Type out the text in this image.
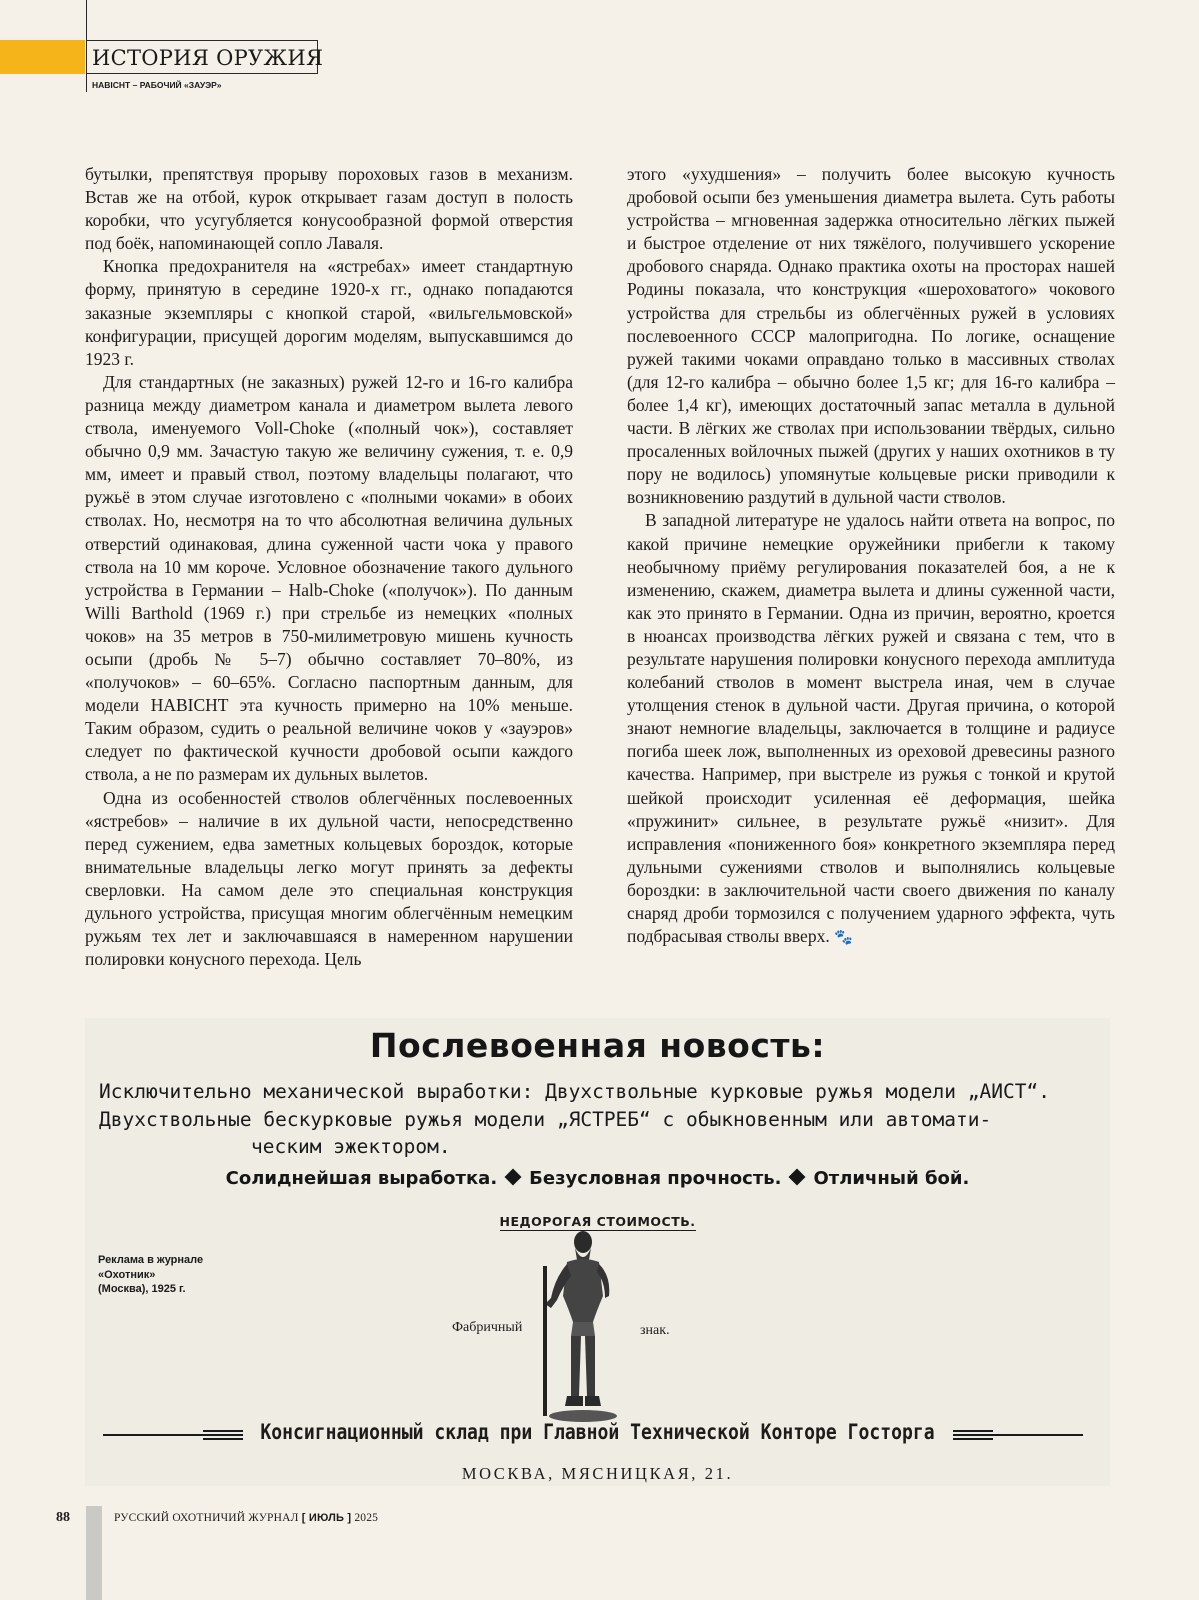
ИСТОРИЯ ОРУЖИЯ
HABICHT – РАБОЧИЙ «ЗАУЭР»

бутылки, препятствуя прорыву пороховых газов в механизм. Встав же на отбой, курок открывает газам доступ в полость коробки, что усугубляется конусообразной формой отверстия под боёк, напоминающей сопло Лаваля.

Кнопка предохранителя на «ястребах» имеет стандартную форму, принятую в середине 1920-х гг., однако попадаются заказные экземпляры с кнопкой старой, «вильгельмовской» конфигурации, присущей дорогим моделям, выпускавшимся до 1923 г.

Для стандартных (не заказных) ружей 12-го и 16-го калибра разница между диаметром канала и диаметром вылета левого ствола, именуемого Voll-Choke («полный чок»), составляет обычно 0,9 мм. Зачастую такую же величину сужения, т. е. 0,9 мм, имеет и правый ствол, поэтому владельцы полагают, что ружьё в этом случае изготовлено с «полными чоками» в обоих стволах. Но, несмотря на то что абсолютная величина дульных отверстий одинаковая, длина суженной части чока у правого ствола на 10 мм короче. Условное обозначение такого дульного устройства в Германии – Halb-Choke («получок»). По данным Willi Barthold (1969 г.) при стрельбе из немецких «полных чоков» на 35 метров в 750-милиметровую мишень кучность осыпи (дробь № 5–7) обычно составляет 70–80%, из «получоков» – 60–65%. Согласно паспортным данным, для модели HABICHT эта кучность примерно на 10% меньше. Таким образом, судить о реальной величине чоков у «зауэров» следует по фактической кучности дробовой осыпи каждого ствола, а не по размерам их дульных вылетов.

Одна из особенностей стволов облегчённых послевоенных «ястребов» – наличие в их дульной части, непосредственно перед сужением, едва заметных кольцевых бороздок, которые внимательные владельцы легко могут принять за дефекты сверловки. На самом деле это специальная конструкция дульного устройства, присущая многим облегчённым немецким ружьям тех лет и заключавшаяся в намеренном нарушении полировки конусного перехода. Цель

этого «ухудшения» – получить более высокую кучность дробовой осыпи без уменьшения диаметра вылета. Суть работы устройства – мгновенная задержка относительно лёгких пыжей и быстрое отделение от них тяжёлого, получившего ускорение дробового снаряда. Однако практика охоты на просторах нашей Родины показала, что конструкция «шероховатого» чокового устройства для стрельбы из облегчённых ружей в условиях послевоенного СССР малопригодна. По логике, оснащение ружей такими чоками оправдано только в массивных стволах (для 12-го калибра – обычно более 1,5 кг; для 16-го калибра – более 1,4 кг), имеющих достаточный запас металла в дульной части. В лёгких же стволах при использовании твёрдых, сильно просаленных войлочных пыжей (других у наших охотников в ту пору не водилось) упомянутые кольцевые риски приводили к возникновению раздутий в дульной части стволов.

В западной литературе не удалось найти ответа на вопрос, по какой причине немецкие оружейники прибегли к такому необычному приёму регулирования показателей боя, а не к изменению, скажем, диаметра вылета и длины суженной части, как это принято в Германии. Одна из причин, вероятно, кроется в нюансах производства лёгких ружей и связана с тем, что в результате нарушения полировки конусного перехода амплитуда колебаний стволов в момент выстрела иная, чем в случае утолщения стенок в дульной части. Другая причина, о которой знают немногие владельцы, заключается в толщине и радиусе погиба шеек лож, выполненных из ореховой древесины разного качества. Например, при выстреле из ружья с тонкой и крутой шейкой происходит усиленная её деформация, шейка «пружинит» сильнее, в результате ружьё «низит». Для исправления «пониженного боя» конкретного экземпляра перед дульными сужениями стволов и выполнялись кольцевые бороздки: в заключительной части своего движения по каналу снаряд дроби тормозился с получением ударного эффекта, чуть подбрасывая стволы вверх. 🐾

Послевоенная новость:
Исключительно механической выработки: Двухствольные курковые ружья модели „АИСТ“.
Двухствольные бескурковые ружья модели „ЯСТРЕБ“ с обыкновенным или автомати-
ческим эжектором.
Солиднейшая выработка. Безусловная прочность. Отличный бой.
НЕДОРОГАЯ СТОИМОСТЬ.
Фабричный	знак.
Консигнационный склад при Главной Технической Конторе Госторга
МОСКВА, МЯСНИЦКАЯ, 21.
Реклама в журнале
«Охотник»
(Москва), 1925 г.
88	РУССКИЙ ОХОТНИЧИЙ ЖУРНАЛ [ ИЮЛЬ ] 2025
